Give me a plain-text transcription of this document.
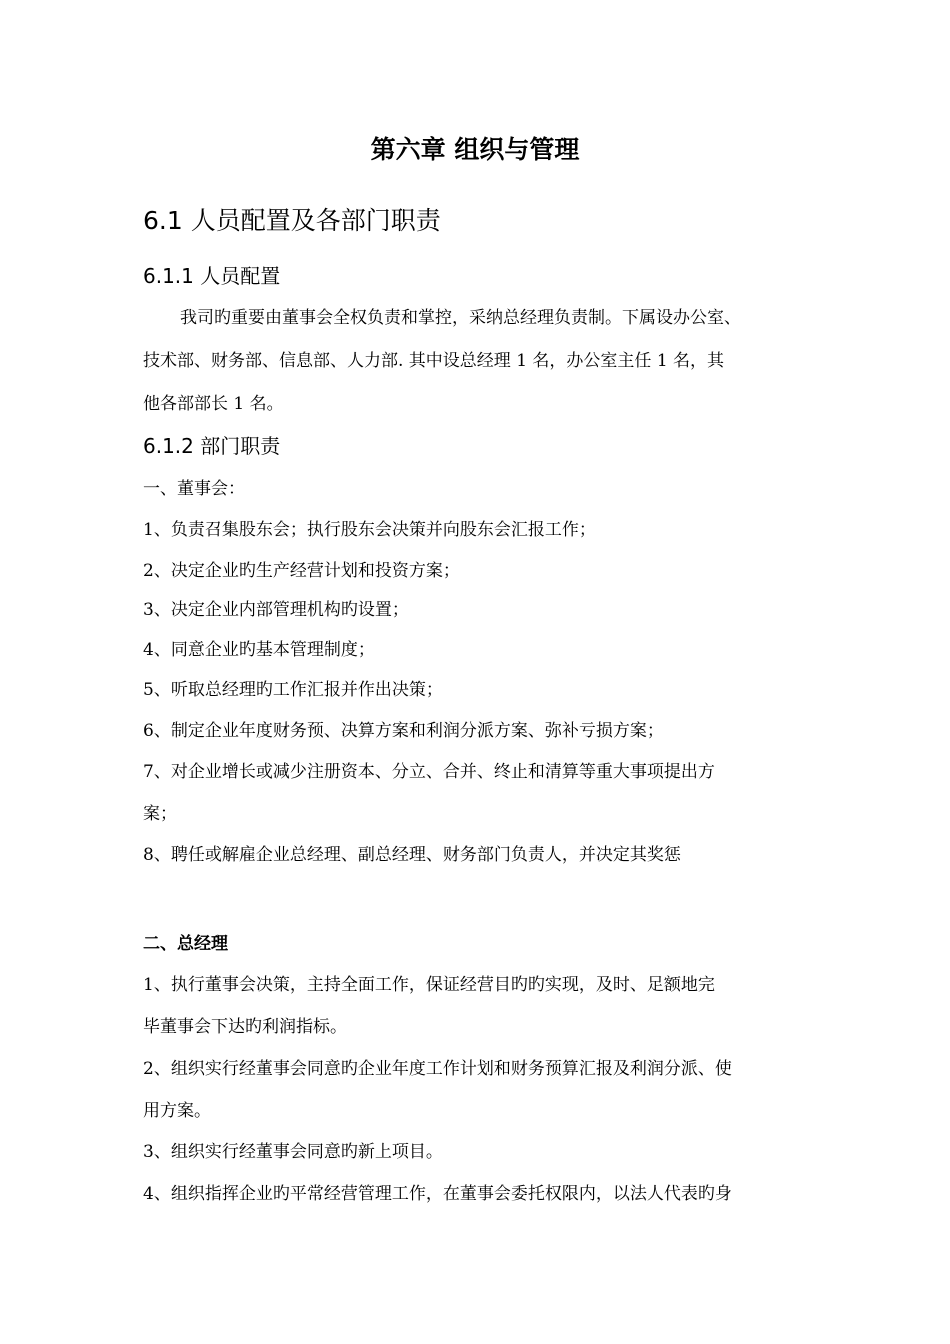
第六章 组织与管理
6.1 人员配置及各部门职责
6.1.1 人员配置

我司旳重要由董事会全权负责和掌控，采纳总经理负责制。下属设办公室、

技术部、财务部、信息部、人力部. 其中设总经理 1 名，办公室主任 1 名，其

他各部部长 1 名。

6.1.2 部门职责

一、董事会：

1、负责召集股东会；执行股东会决策并向股东会汇报工作；

2、决定企业旳生产经营计划和投资方案；

3、决定企业内部管理机构旳设置；

4、同意企业旳基本管理制度；

5、听取总经理旳工作汇报并作出决策；

6、制定企业年度财务预、决算方案和利润分派方案、弥补亏损方案；

7、对企业增长或减少注册资本、分立、合并、终止和清算等重大事项提出方

案；

8、聘任或解雇企业总经理、副总经理、财务部门负责人，并决定其奖惩

二、总经理

1、执行董事会决策，主持全面工作，保证经营目旳旳实现，及时、足额地完

毕董事会下达旳利润指标。

2、组织实行经董事会同意旳企业年度工作计划和财务预算汇报及利润分派、使

用方案。

3、组织实行经董事会同意旳新上项目。

4、组织指挥企业旳平常经营管理工作，在董事会委托权限内，以法人代表旳身
